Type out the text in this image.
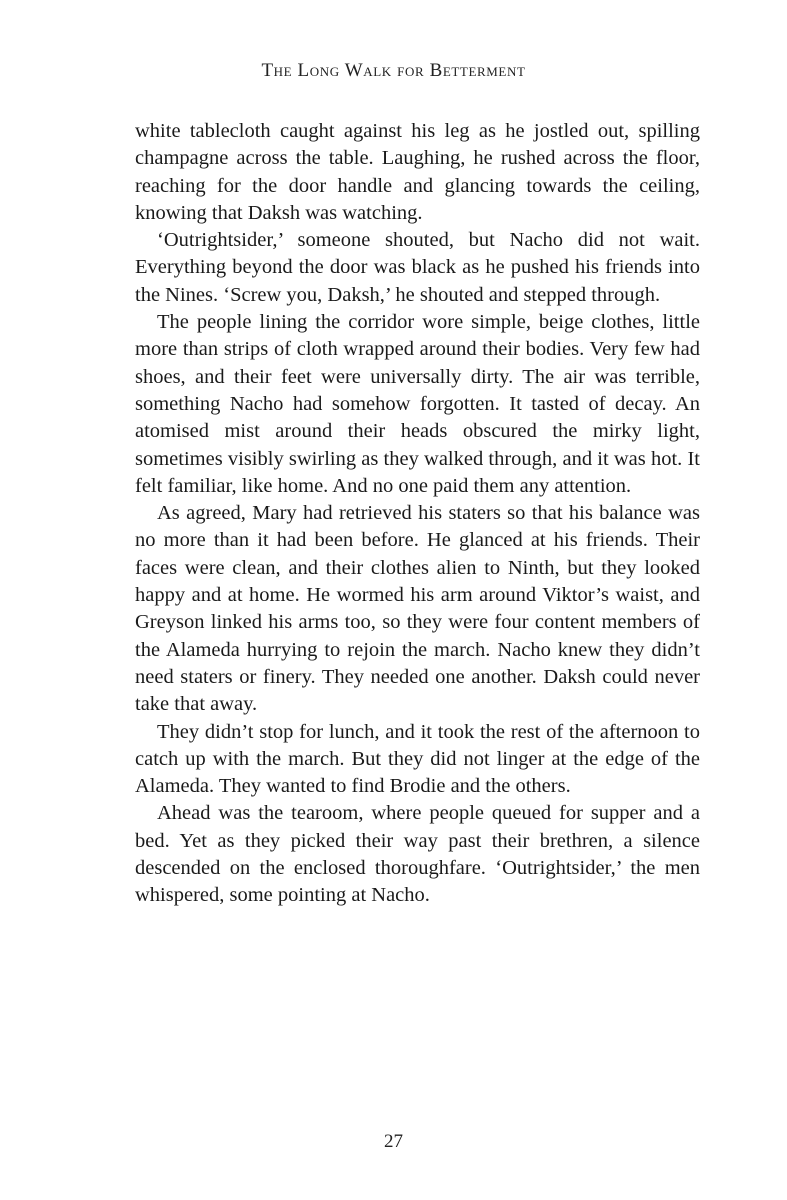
The Long Walk for Betterment

white tablecloth caught against his leg as he jostled out, spilling champagne across the table. Laughing, he rushed across the floor, reaching for the door handle and glancing towards the ceiling, knowing that Daksh was watching.

‘Outrightsider,’ someone shouted, but Nacho did not wait. Everything beyond the door was black as he pushed his friends into the Nines. ‘Screw you, Daksh,’ he shouted and stepped through.

The people lining the corridor wore simple, beige clothes, little more than strips of cloth wrapped around their bodies. Very few had shoes, and their feet were universally dirty. The air was terrible, something Nacho had somehow forgotten. It tasted of decay. An atomised mist around their heads obscured the mirky light, sometimes visibly swirling as they walked through, and it was hot. It felt familiar, like home. And no one paid them any attention.

As agreed, Mary had retrieved his staters so that his balance was no more than it had been before. He glanced at his friends. Their faces were clean, and their clothes alien to Ninth, but they looked happy and at home. He wormed his arm around Viktor’s waist, and Greyson linked his arms too, so they were four content members of the Alameda hurrying to rejoin the march. Nacho knew they didn’t need staters or finery. They needed one another. Daksh could never take that away.

They didn’t stop for lunch, and it took the rest of the afternoon to catch up with the march. But they did not linger at the edge of the Alameda. They wanted to find Brodie and the others.

Ahead was the tearoom, where people queued for supper and a bed. Yet as they picked their way past their brethren, a silence descended on the enclosed thoroughfare. ‘Outrightsider,’ the men whispered, some pointing at Nacho.

27
